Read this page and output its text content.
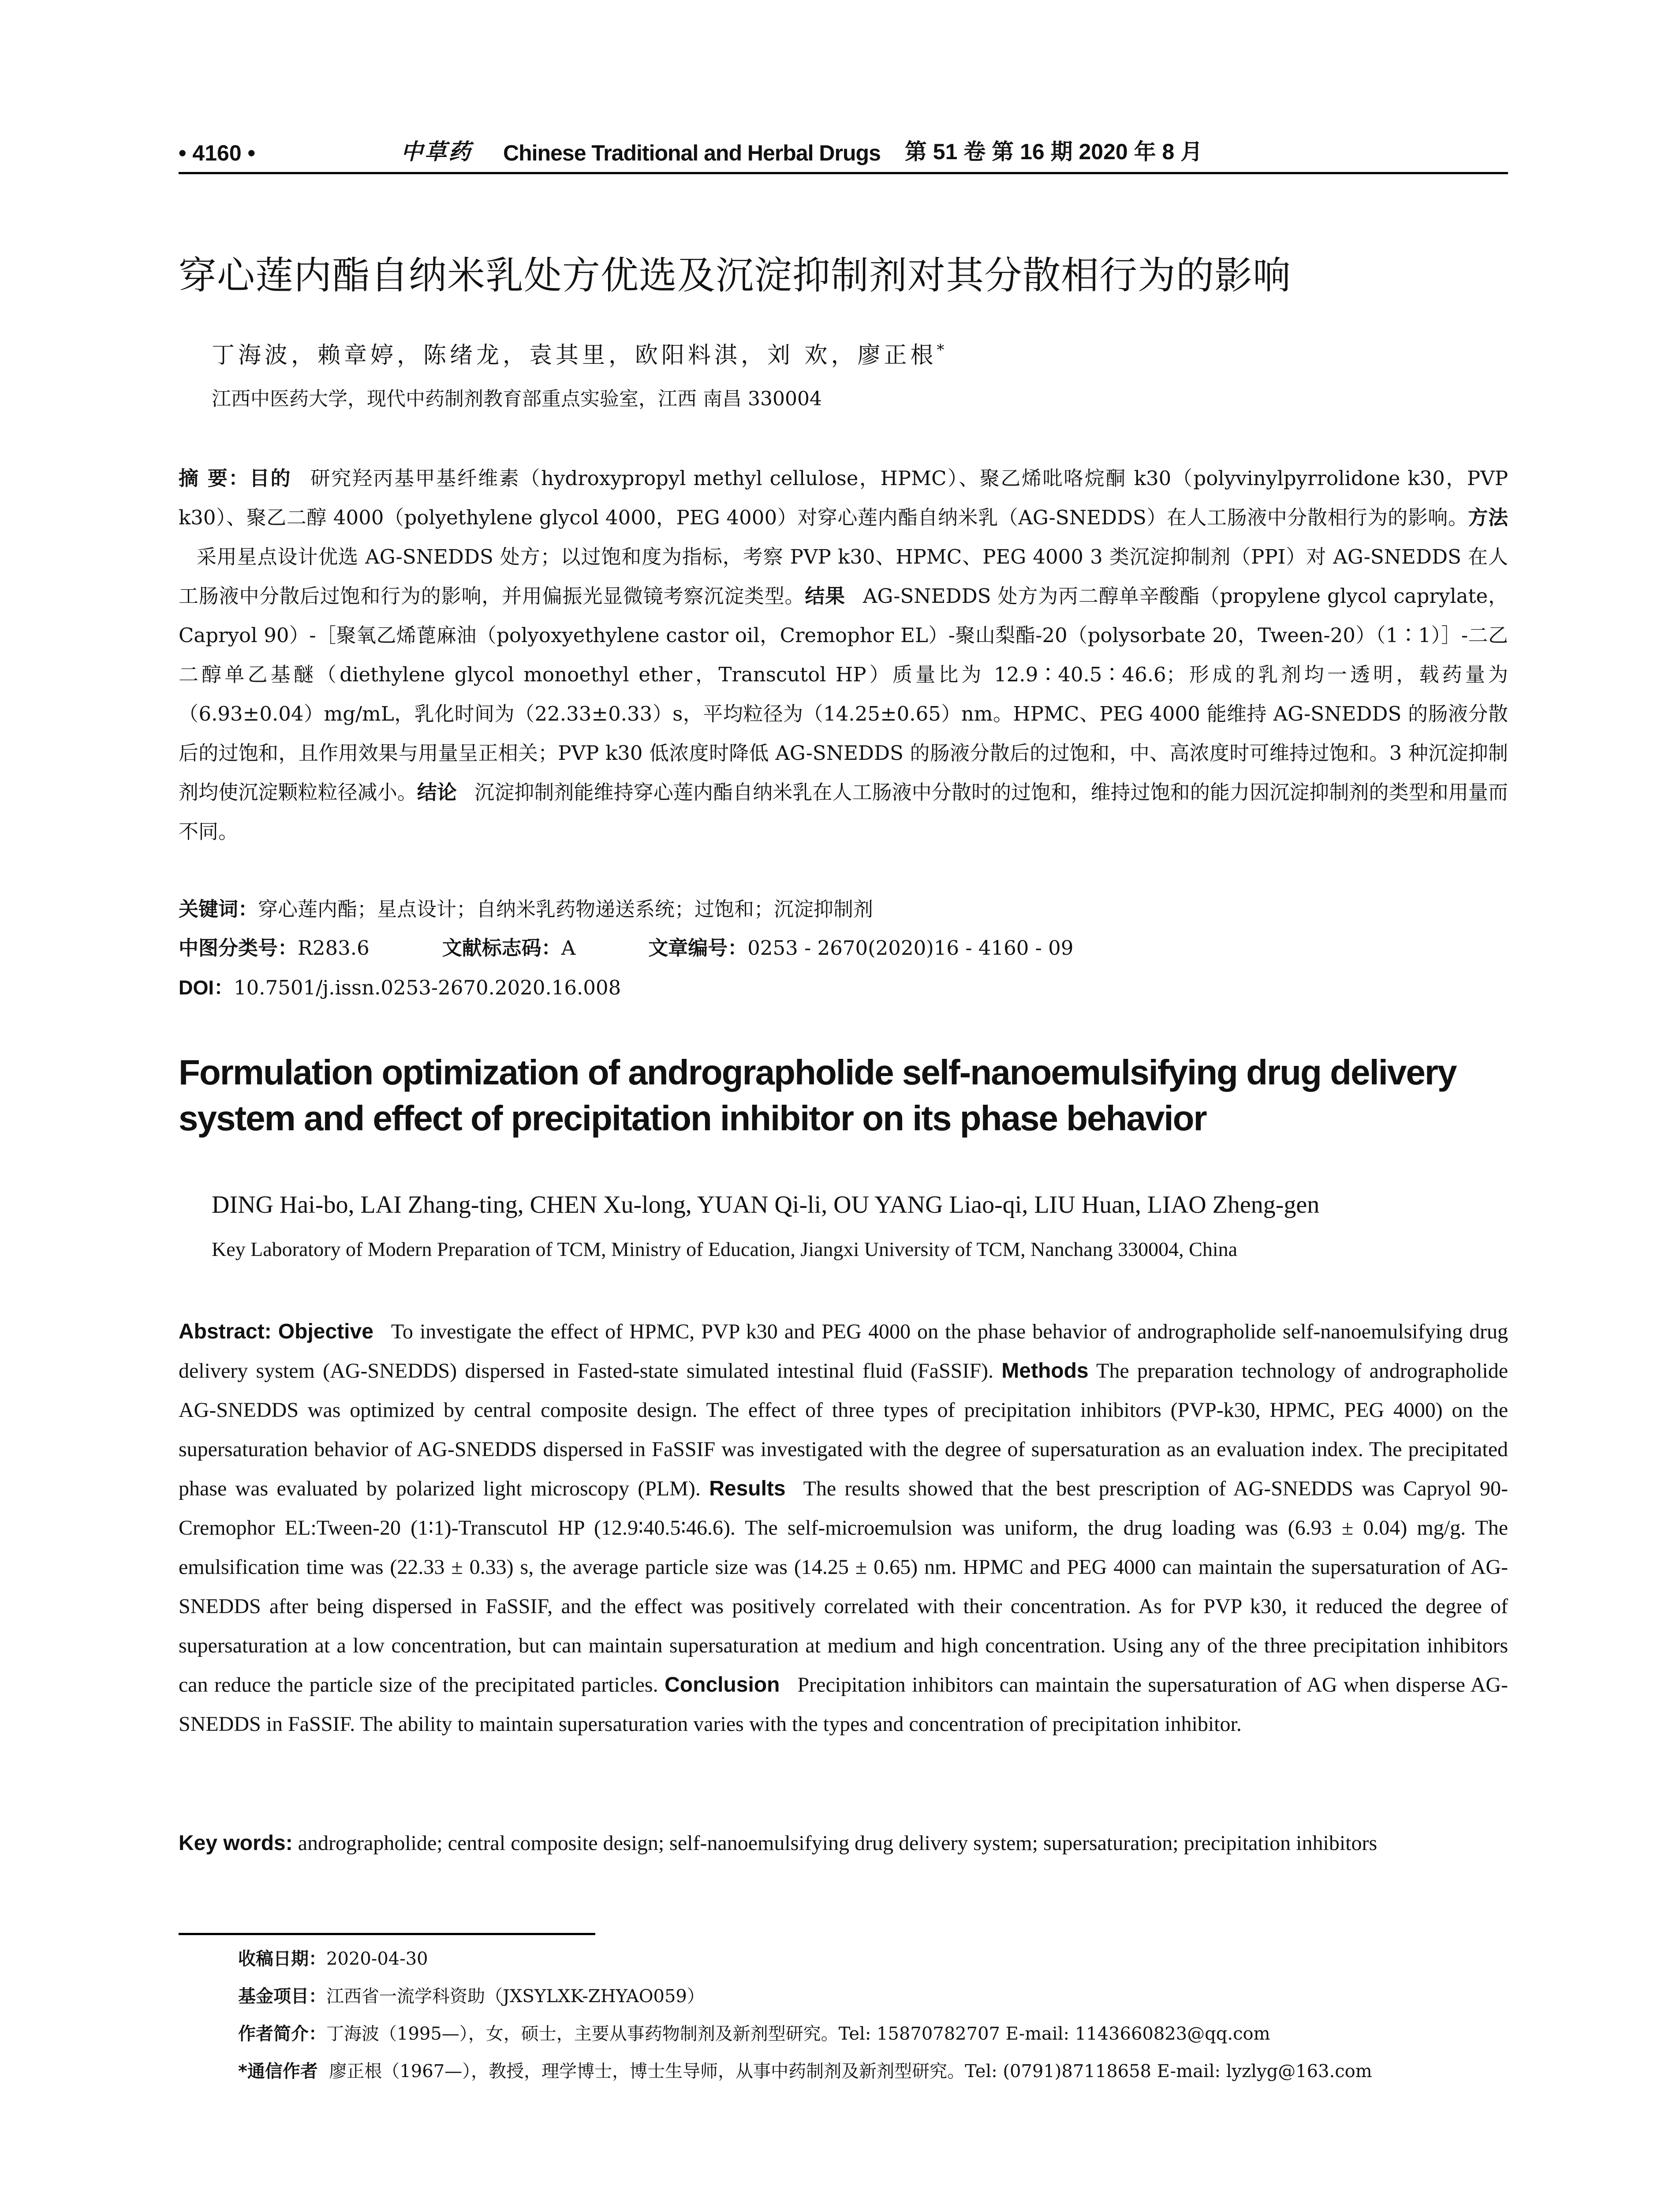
• 4160 •	中草药 Chinese Traditional and Herbal Drugs 第 51 卷 第 16 期 2020 年 8 月
穿心莲内酯自纳米乳处方优选及沉淀抑制剂对其分散相行为的影响
丁海波，赖章婷，陈绪龙，袁其里，欧阳料淇，刘 欢，廖正根*
江西中医药大学，现代中药制剂教育部重点实验室，江西 南昌 330004
摘 要：目的 研究羟丙基甲基纤维素（hydroxypropyl methyl cellulose，HPMC）、聚乙烯吡咯烷酮 k30（polyvinylpyrrolidone k30，PVP k30）、聚乙二醇 4000（polyethylene glycol 4000，PEG 4000）对穿心莲内酯自纳米乳（AG-SNEDDS）在人工肠液中分散相行为的影响。方法采用星点设计优选 AG-SNEDDS 处方；以过饱和度为指标，考察 PVP k30、HPMC、PEG 4000 3 类沉淀抑制剂（PPI）对 AG-SNEDDS 在人工肠液中分散后过饱和行为的影响，并用偏振光显微镜考察沉淀类型。结果 AG-SNEDDS 处方为丙二醇单辛酸酯（propylene glycol caprylate，Capryol 90）-［聚氧乙烯蓖麻油（polyoxyethylene castor oil，Cremophor EL）-聚山梨酯-20（polysorbate 20，Tween-20）（1∶1）］-二乙二醇单乙基醚（diethylene glycol monoethyl ether，Transcutol HP）质量比为 12.9∶40.5∶46.6；形成的乳剂均一透明，载药量为（6.93±0.04）mg/mL，乳化时间为（22.33±0.33）s，平均粒径为（14.25±0.65）nm。HPMC、PEG 4000 能维持 AG-SNEDDS 的肠液分散后的过饱和，且作用效果与用量呈正相关；PVP k30 低浓度时降低 AG-SNEDDS 的肠液分散后的过饱和，中、高浓度时可维持过饱和。3 种沉淀抑制剂均使沉淀颗粒粒径减小。结论 沉淀抑制剂能维持穿心莲内酯自纳米乳在人工肠液中分散时的过饱和，维持过饱和的能力因沉淀抑制剂的类型和用量而不同。
关键词：穿心莲内酯；星点设计；自纳米乳药物递送系统；过饱和；沉淀抑制剂
中图分类号：R283.6	文献标志码：A	文章编号：0253 - 2670(2020)16 - 4160 - 09
DOI：10.7501/j.issn.0253-2670.2020.16.008
Formulation optimization of andrographolide self-nanoemulsifying drug delivery system and effect of precipitation inhibitor on its phase behavior
DING Hai-bo, LAI Zhang-ting, CHEN Xu-long, YUAN Qi-li, OU YANG Liao-qi, LIU Huan, LIAO Zheng-gen
Key Laboratory of Modern Preparation of TCM, Ministry of Education, Jiangxi University of TCM, Nanchang 330004, China
Abstract: Objective To investigate the effect of HPMC, PVP k30 and PEG 4000 on the phase behavior of andrographolide self-nanoemulsifying drug delivery system (AG-SNEDDS) dispersed in Fasted-state simulated intestinal fluid (FaSSIF). Methods The preparation technology of andrographolide AG-SNEDDS was optimized by central composite design. The effect of three types of precipitation inhibitors (PVP-k30, HPMC, PEG 4000) on the supersaturation behavior of AG-SNEDDS dispersed in FaSSIF was investigated with the degree of supersaturation as an evaluation index. The precipitated phase was evaluated by polarized light microscopy (PLM). Results The results showed that the best prescription of AG-SNEDDS was Capryol 90-Cremophor EL:Tween-20 (1∶1)-Transcutol HP (12.9∶40.5∶46.6). The self-microemulsion was uniform, the drug loading was (6.93 ± 0.04) mg/g. The emulsification time was (22.33 ± 0.33) s, the average particle size was (14.25 ± 0.65) nm. HPMC and PEG 4000 can maintain the supersaturation of AG-SNEDDS after being dispersed in FaSSIF, and the effect was positively correlated with their concentration. As for PVP k30, it reduced the degree of supersaturation at a low concentration, but can maintain supersaturation at medium and high concentration. Using any of the three precipitation inhibitors can reduce the particle size of the precipitated particles. Conclusion Precipitation inhibitors can maintain the supersaturation of AG when disperse AG-SNEDDS in FaSSIF. The ability to maintain supersaturation varies with the types and concentration of precipitation inhibitor.
Key words: andrographolide; central composite design; self-nanoemulsifying drug delivery system; supersaturation; precipitation inhibitors
收稿日期：2020-04-30
基金项目：江西省一流学科资助（JXSYLXK-ZHYAO059）
作者简介：丁海波（1995—），女，硕士，主要从事药物制剂及新剂型研究。Tel: 15870782707 E-mail: 1143660823@qq.com
*通信作者 廖正根（1967—），教授，理学博士，博士生导师，从事中药制剂及新剂型研究。Tel: (0791)87118658 E-mail: lyzlyg@163.com
